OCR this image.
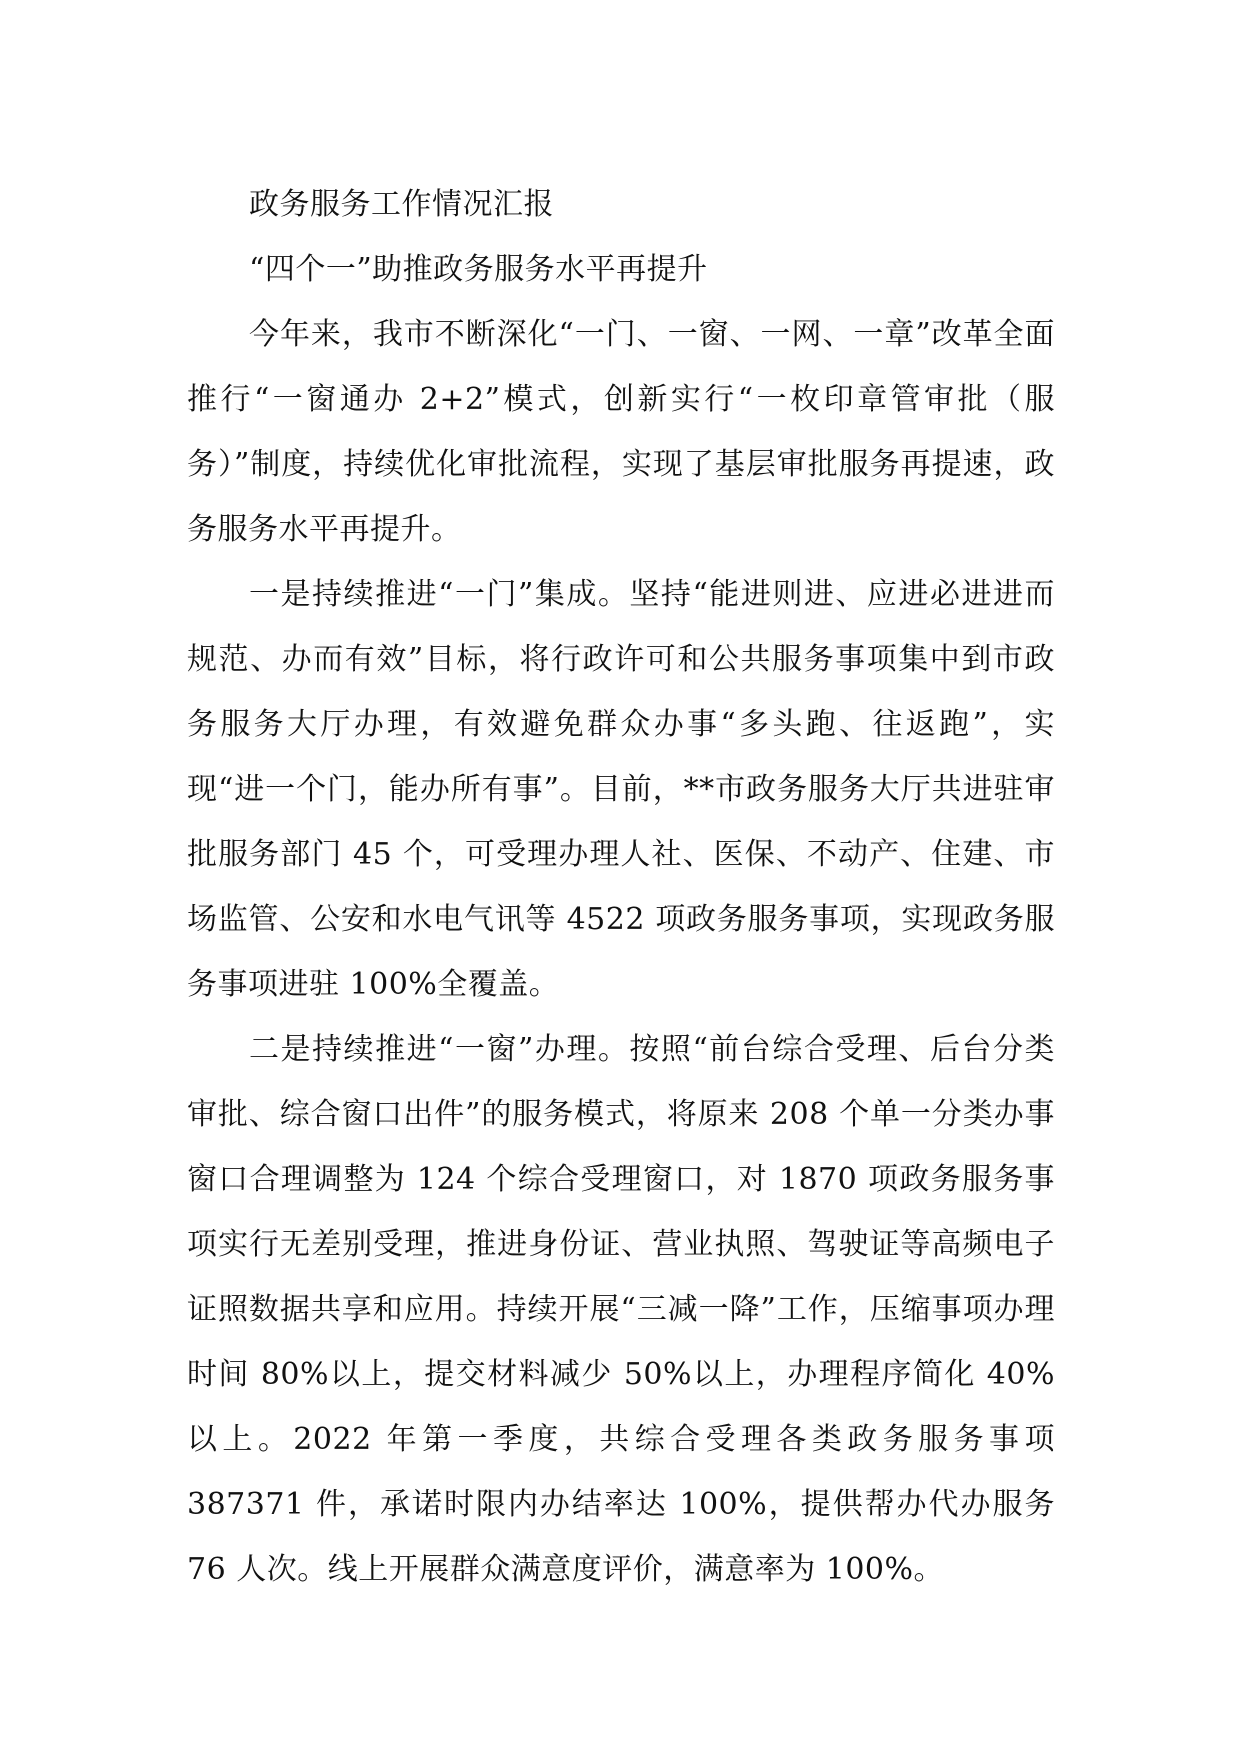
政务服务工作情况汇报

“四个一”助推政务服务水平再提升

今年来，我市不断深化“一门、一窗、一网、一章”改革全面推行“一窗通办 2+2”模式，创新实行“一枚印章管审批（服务）”制度，持续优化审批流程，实现了基层审批服务再提速，政务服务水平再提升。

一是持续推进“一门”集成。坚持“能进则进、应进必进进而规范、办而有效”目标，将行政许可和公共服务事项集中到市政务服务大厅办理，有效避免群众办事“多头跑、往返跑”，实现“进一个门，能办所有事”。目前，**市政务服务大厅共进驻审批服务部门 45 个，可受理办理人社、医保、不动产、住建、市场监管、公安和水电气讯等 4522 项政务服务事项，实现政务服务事项进驻 100%全覆盖。

二是持续推进“一窗”办理。按照“前台综合受理、后台分类审批、综合窗口出件”的服务模式，将原来 208 个单一分类办事窗口合理调整为 124 个综合受理窗口，对 1870 项政务服务事项实行无差别受理，推进身份证、营业执照、驾驶证等高频电子证照数据共享和应用。持续开展“三减一降”工作，压缩事项办理时间 80%以上，提交材料减少 50%以上，办理程序简化 40%以上。2022 年第一季度，共综合受理各类政务服务事项 387371 件，承诺时限内办结率达 100%，提供帮办代办服务 76 人次。线上开展群众满意度评价，满意率为 100%。
